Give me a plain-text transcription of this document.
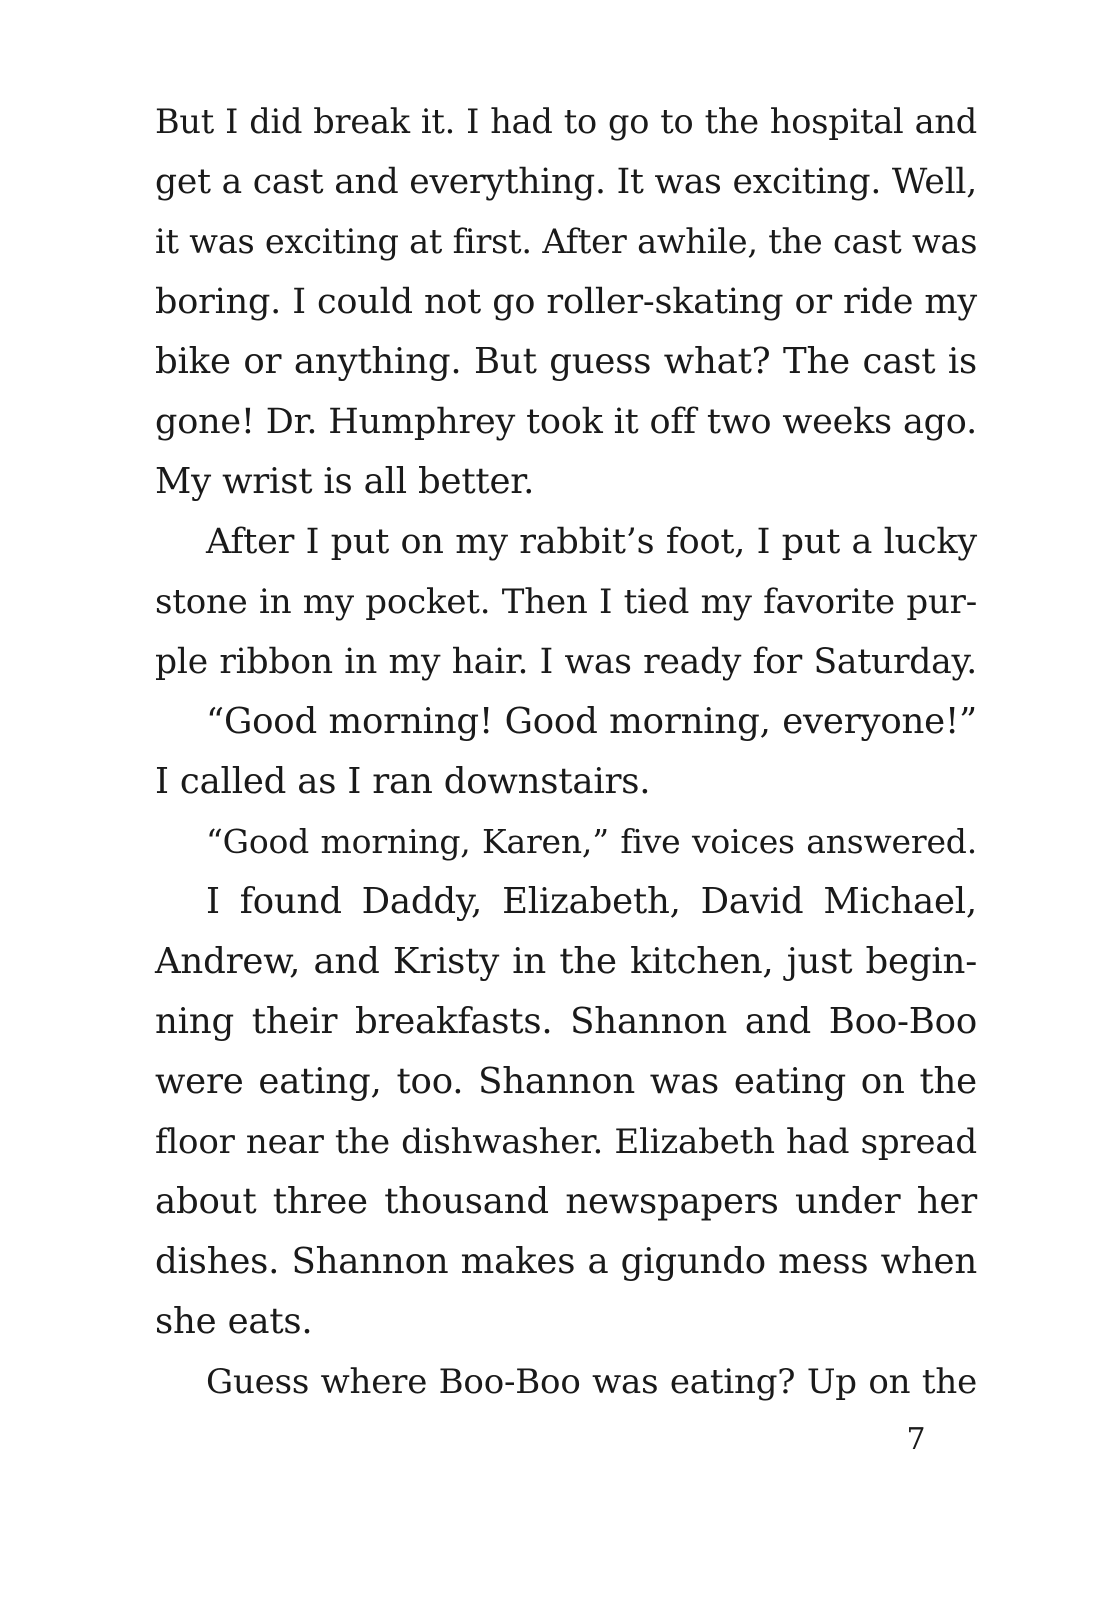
But I did break it. I had to go to the hospital and
get a cast and everything. It was exciting. Well,
it was exciting at first. After awhile, the cast was
boring. I could not go roller-skating or ride my
bike or anything. But guess what? The cast is
gone! Dr. Humphrey took it off two weeks ago.
My wrist is all better.
After I put on my rabbit’s foot, I put a lucky
stone in my pocket. Then I tied my favorite pur-
ple ribbon in my hair. I was ready for Saturday.
“Good morning! Good morning, everyone!”
I called as I ran downstairs.
“Good morning, Karen,” five voices answered.
I found Daddy, Elizabeth, David Michael,
Andrew, and Kristy in the kitchen, just begin-
ning their breakfasts. Shannon and Boo-Boo
were eating, too. Shannon was eating on the
floor near the dishwasher. Elizabeth had spread
about three thousand newspapers under her
dishes. Shannon makes a gigundo mess when
she eats.
Guess where Boo-Boo was eating? Up on the
7
